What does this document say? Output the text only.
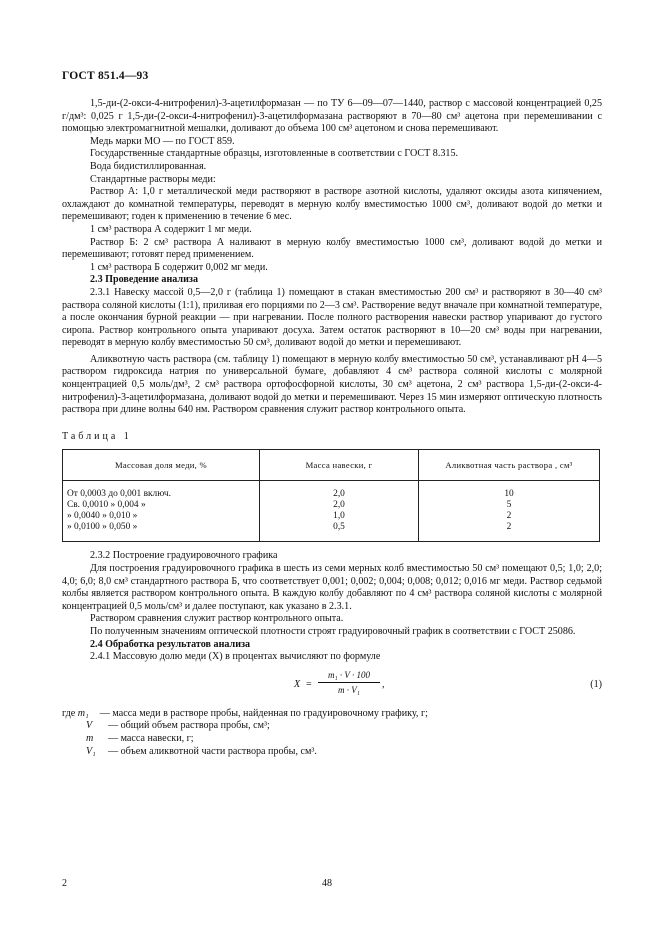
ГОСТ 851.4—93

1,5-ди-(2-окси-4-нитрофенил)-3-ацетилформазан — по ТУ 6—09—07—1440, раствор с массовой концентрацией 0,25 г/дм³: 0,025 г 1,5-ди-(2-окси-4-нитрофенил)-3-ацетилформазана растворяют в 70—80 см³ ацетона при перемешивании с помощью электромагнитной мешалки, доливают до объема 100 см³ ацетоном и снова перемешивают.

Медь марки МО — по ГОСТ 859.

Государственные стандартные образцы, изготовленные в соответствии с ГОСТ 8.315.

Вода бидистиллированная.

Стандартные растворы меди:

Раствор А: 1,0 г металлической меди растворяют в растворе азотной кислоты, удаляют оксиды азота кипячением, охлаждают до комнатной температуры, переводят в мерную колбу вместимостью 1000 см³, доливают водой до метки и перемешивают; годен к применению в течение 6 мес.

1 см³ раствора А содержит 1 мг меди.

Раствор Б: 2 см³ раствора А наливают в мерную колбу вместимостью 1000 см³, доливают водой до метки и перемешивают; готовят перед применением.

1 см³ раствора Б содержит 0,002 мг меди.

2.3 Проведение анализа

2.3.1 Навеску массой 0,5—2,0 г (таблица 1) помещают в стакан вместимостью 200 см³ и растворяют в 30—40 см³ раствора соляной кислоты (1:1), приливая его порциями по 2—3 см³. Растворение ведут вначале при комнатной температуре, а после окончания бурной реакции — при нагревании. После полного растворения навески раствор упаривают до густого сиропа. Раствор контрольного опыта упаривают досуха. Затем остаток растворяют в 10—20 см³ воды при нагревании, переводят в мерную колбу вместимостью 50 см³, доливают водой до метки и перемешивают.

Аликвотную часть раствора (см. таблицу 1) помещают в мерную колбу вместимостью 50 см³, устанавливают pH 4—5 раствором гидроксида натрия по универсальной бумаге, добавляют 4 см³ раствора соляной кислоты с молярной концентрацией 0,5 моль/дм³, 2 см³ раствора ортофосфорной кислоты, 30 см³ ацетона, 2 см³ раствора 1,5-ди-(2-окси-4-нитрофенил)-3-ацетилформазана, доливают водой до метки и перемешивают. Через 15 мин измеряют оптическую плотность раствора при длине волны 640 нм. Раствором сравнения служит раствор контрольного опыта.

Таблица 1
Массовая доля меди, %	Масса навески, г	Аликвотная часть раствора , см³
От 0,0003 до 0,001 включ.	2,0	10
Св. 0,0010 » 0,004 »	2,0	5
» 0,0040 » 0,010 »	1,0	2
» 0,0100 » 0,050 »	0,5	2

2.3.2 Построение градуировочного графика

Для построения градуировочного графика в шесть из семи мерных колб вместимостью 50 см³ помещают 0,5; 1,0; 2,0; 4,0; 6,0; 8,0 см³ стандартного раствора Б, что соответствует 0,001; 0,002; 0,004; 0,008; 0,012; 0,016 мг меди. Раствор седьмой колбы является раствором контрольного опыта. В каждую колбу добавляют по 4 см³ раствора соляной кислоты с молярной концентрацией 0,5 моль/см³ и далее поступают, как указано в 2.3.1.

Раствором сравнения служит раствор контрольного опыта.

По полученным значениям оптической плотности строят градуировочный график в соответствии с ГОСТ 25086.

2.4 Обработка результатов анализа

2.4.1 Массовую долю меди (X) в процентах вычисляют по формуле

$X = \frac{\text{m₁ · V · 100}}{\text{m · V₁}}$ ,	(1)

где m₁ — масса меди в растворе пробы, найденная по градуировочному графику, г;

V — общий объем раствора пробы, см³;

m — масса навески, г;

V₁ — объем аликвотной части раствора пробы, см³.

2	48
